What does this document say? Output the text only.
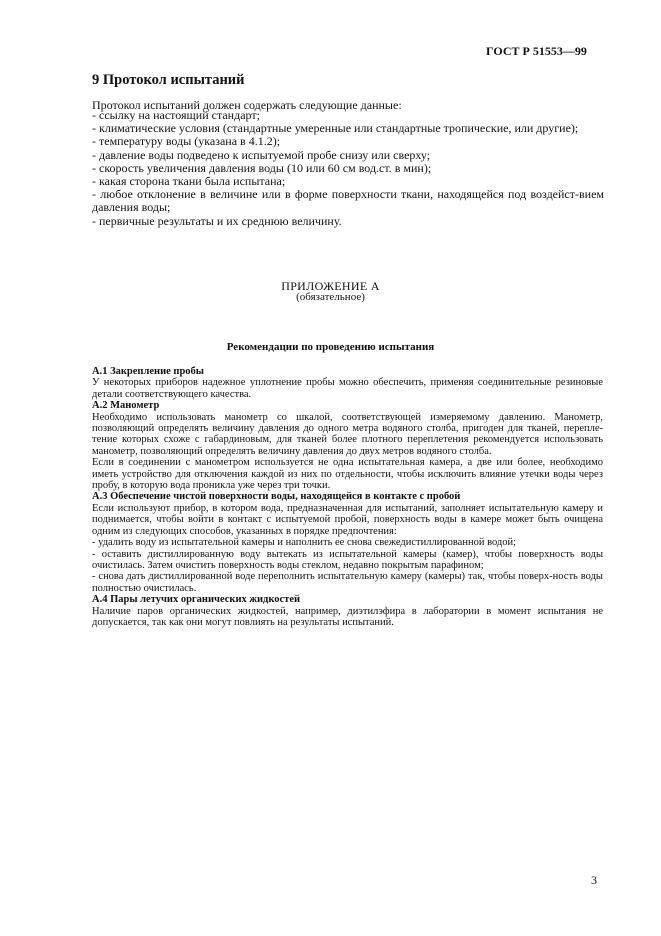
ГОСТ Р 51553—99
9 Протокол испытаний
Протокол испытаний должен содержать следующие данные:
- ссылку на настоящий стандарт;
- климатические условия (стандартные умеренные или стандартные тропические, или другие);
- температуру воды (указана в 4.1.2);
- давление воды подведено к испытуемой пробе снизу или сверху;
- скорость увеличения давления воды (10 или 60 см вод.ст. в мин);
- какая сторона ткани была испытана;
- любое отклонение в величине или в форме поверхности ткани, находящейся под воздейст-вием давления воды;
- первичные результаты и их среднюю величину.
ПРИЛОЖЕНИЕ А
(обязательное)
Рекомендации по проведению испытания
А.1 Закрепление пробы
У некоторых приборов надежное уплотнение пробы можно обеспечить, применяя соединительные резиновые детали соответствующего качества.
А.2 Манометр
Необходимо использовать манометр со шкалой, соответствующей измеряемому давлению. Манометр, позволяющий определять величину давления до одного метра водяного столба, пригоден для тканей, перепле-тение которых схоже с габардиновым, для тканей более плотного переплетения рекомендуется использовать манометр, позволяющий определять величину давления до двух метров водяного столба.
Если в соединении с манометром используется не одна испытательная камера, а две или более, необходимо иметь устройство для отключения каждой из них по отдельности, чтобы исключить влияние утечки воды через пробу, в которую вода проникла уже через три точки.
А.3 Обеспечение чистой поверхности воды, находящейся в контакте с пробой
Если используют прибор, в котором вода, предназначенная для испытаний, заполняет испытательную камеру и поднимается, чтобы войти в контакт с испытуемой пробой, поверхность воды в камере может быть очищена одним из следующих способов, указанных в порядке предпочтения:
- удалить воду из испытательной камеры и наполнить ее снова свежедистиллированной водой;
- оставить дистиллированную воду вытекать из испытательной камеры (камер), чтобы поверхность воды очистилась. Затем очистить поверхность воды стеклом, недавно покрытым парафином;
- снова дать дистиллированной воде переполнить испытательную камеру (камеры) так, чтобы поверх-ность воды полностью очистилась.
А.4 Пары летучих органических жидкостей
Наличие паров органических жидкостей, например, диэтилэфира в лаборатории в момент испытания не допускается, так как они могут повлиять на результаты испытаний.
3
